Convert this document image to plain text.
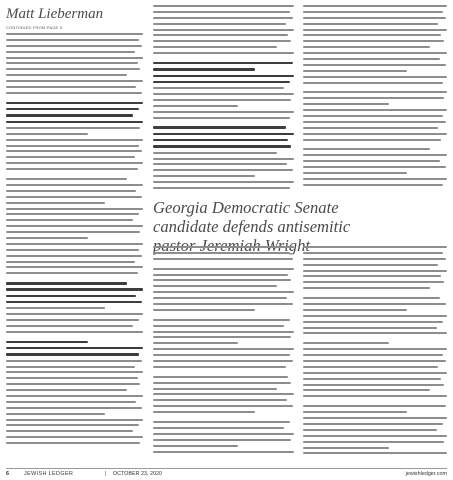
Matt Lieberman
CONTINUED FROM PAGE 5
Georgia Democratic Senate
candidate defends antisemitic
6	JEWISH LEDGER	| OCTOBER 23, 2020	jewishledger.com
